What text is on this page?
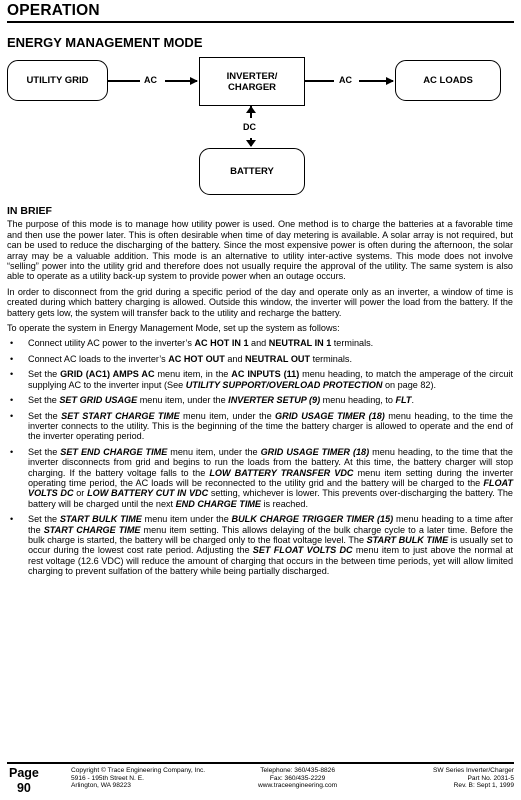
OPERATION
ENERGY MANAGEMENT MODE
UTILITY GRID	AC	INVERTER/
CHARGER
AC	AC LOADS
DC
BATTERY
IN BRIEF

The purpose of this mode is to manage how utility power is used. One method is to charge the batteries at a favorable time and then use the power later. This is often desirable when time of day metering is available. A solar array is not required, but can be used to reduce the discharging of the battery. Since the most expensive power is often during the afternoon, the solar array may be a valuable addition. This mode is an alternative to utility inter-active systems. This mode does not involve “selling” power into the utility grid and therefore does not usually require the approval of the utility. The same system is also able to operate as a utility back-up system to provide power when an outage occurs.

In order to disconnect from the grid during a specific period of the day and operate only as an inverter, a window of time is created during which battery charging is allowed. Outside this window, the inverter will power the load from the battery. If the battery gets low, the system will transfer back to the utility and recharge the battery.

To operate the system in Energy Management Mode, set up the system as follows:

• Connect utility AC power to the inverter’s AC HOT IN 1 and NEUTRAL IN 1 terminals.
• Connect AC loads to the inverter’s AC HOT OUT and NEUTRAL OUT terminals.
• Set the GRID (AC1) AMPS AC menu item, in the AC INPUTS (11) menu heading, to match the amperage of the circuit supplying AC to the inverter input (See UTILITY SUPPORT/OVERLOAD PROTECTION on page 82).
• Set the SET GRID USAGE menu item, under the INVERTER SETUP (9) menu heading, to FLT.
• Set the SET START CHARGE TIME menu item, under the GRID USAGE TIMER (18) menu heading, to the time the inverter connects to the utility. This is the beginning of the time the battery charger is allowed to operate and the end of the inverter operating period.
• Set the SET END CHARGE TIME menu item, under the GRID USAGE TIMER (18) menu heading, to the time that the inverter disconnects from grid and begins to run the loads from the battery. At this time, the battery charger will stop charging. If the battery voltage falls to the LOW BATTERY TRANSFER VDC menu item setting during the inverter operating time period, the AC loads will be reconnected to the utility grid and the battery will be charged to the FLOAT VOLTS DC or LOW BATTERY CUT IN VDC setting, whichever is lower. This prevents over-discharging the battery. The battery will be charged until the next END CHARGE TIME is reached.
• Set the START BULK TIME menu item under the BULK CHARGE TRIGGER TIMER (15) menu heading to a time after the START CHARGE TIME menu item setting. This allows delaying of the bulk charge cycle to a later time. Before the bulk charge is started, the battery will be charged only to the float voltage level. The START BULK TIME is usually set to occur during the lowest cost rate period. Adjusting the SET FLOAT VOLTS DC menu item to just above the normal at rest voltage (12.6 VDC) will reduce the amount of charging that occurs in the between time periods, yet will allow limited charging to prevent sulfation of the battery while being partially discharged.
Page
90
Copyright © Trace Engineering Company, Inc.
5916 - 195th Street N. E.
Arlington, WA 98223
Telephone: 360/435-8826
Fax: 360/435-2229
www.traceengineering.com
SW Series Inverter/Charger
Part No. 2031-5
Rev. B: Sept 1, 1999
